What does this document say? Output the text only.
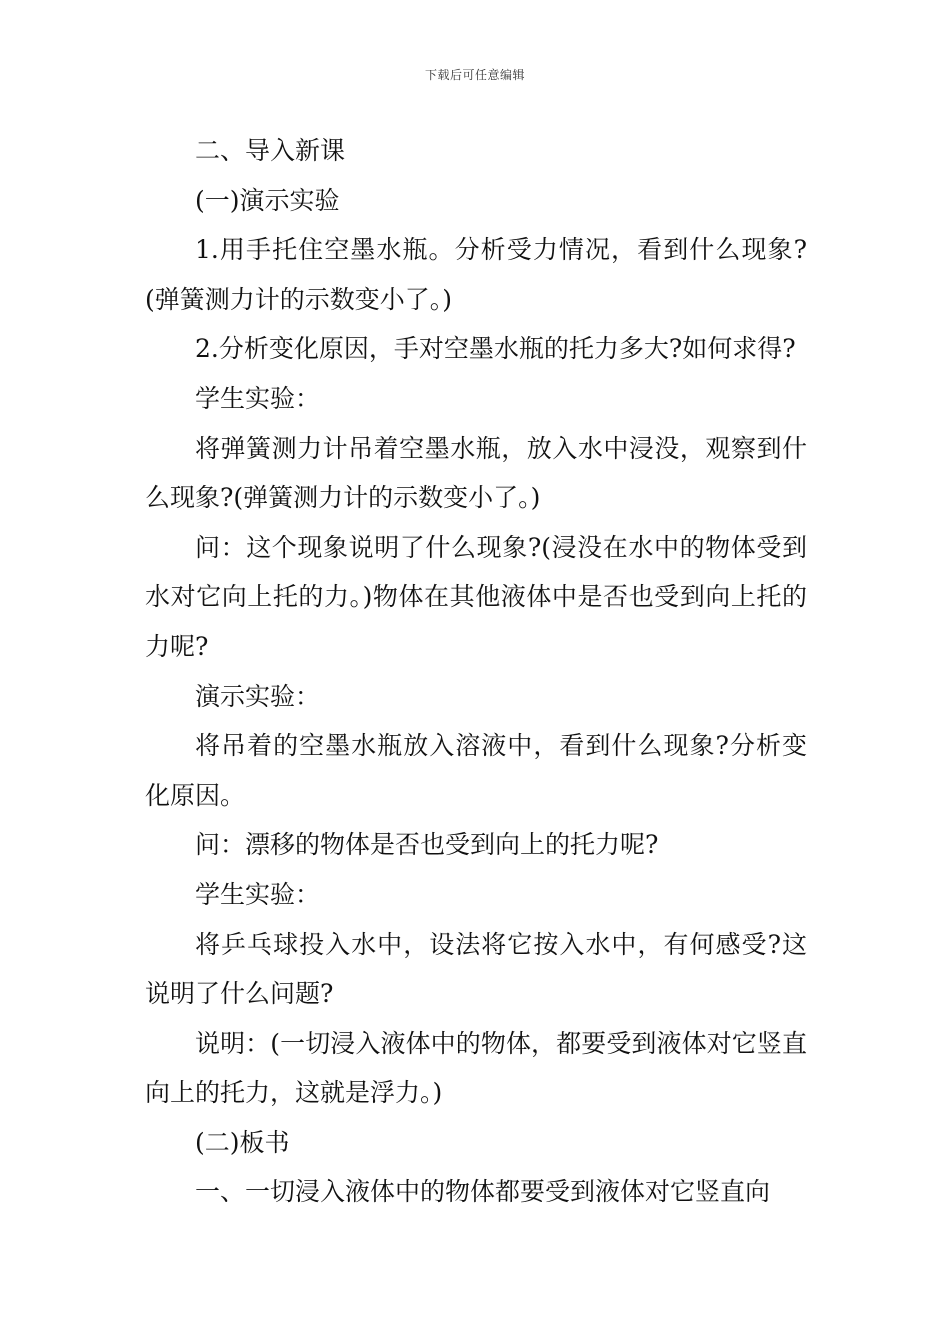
下载后可任意编辑

二、导入新课

(一)演示实验

1.用手托住空墨水瓶。分析受力情况，看到什么现象?(弹簧测力计的示数变小了。)

2.分析变化原因，手对空墨水瓶的托力多大?如何求得?

学生实验：

将弹簧测力计吊着空墨水瓶，放入水中浸没，观察到什么现象?(弹簧测力计的示数变小了。)

问：这个现象说明了什么现象?(浸没在水中的物体受到水对它向上托的力。)物体在其他液体中是否也受到向上托的力呢?

演示实验：

将吊着的空墨水瓶放入溶液中，看到什么现象?分析变化原因。

问：漂移的物体是否也受到向上的托力呢?

学生实验：

将乒乓球投入水中，设法将它按入水中，有何感受?这说明了什么问题?

说明：(一切浸入液体中的物体，都要受到液体对它竖直向上的托力，这就是浮力。)

(二)板书

一、一切浸入液体中的物体都要受到液体对它竖直向
